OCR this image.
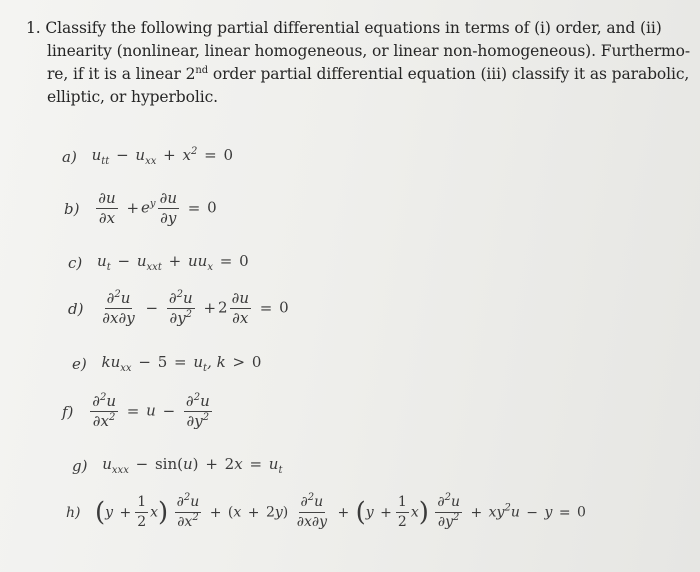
1. Classify the following partial differential equations in terms of (i) order, and (ii)
linearity (nonlinear, linear homogeneous, or linear non-homogeneous). Furthermo-
re, if it is a linear 2nd order partial differential equation (iii) classify it as parabolic,
elliptic, or hyperbolic.
a) $u_{tt} - u_{xx} + x^2 = 0$
$b) \frac{\partial u}{\partial x} + e^y \frac{\partial u}{\partial y} = 0$
c) $u_t - u_{xxt} + uu_x = 0$
$d) \frac{\partial^2u}{\partial x\partial y} - \frac{\partial^2u}{\partial y^2} + 2 \frac{\partial u}{\partial x} = 0$
e) $ku_{xx} - 5 = u_t$, k > 0
$f) \frac{\partial^2u}{\partial x^2} = u - \frac{\partial^2u}{\partial y^2}$
g) $u_{xxx} - \sin(u) + 2x = u_t$
h) $(y + \frac{1}{2} x) \frac{\partial^2u}{\partial x^2} + (x + 2y) \frac{\partial^2u}{\partial x\partial y} + (y + \frac{1}{2} x) \frac{\partial^2u}{\partial y^2} + xy^2u - y = 0$
